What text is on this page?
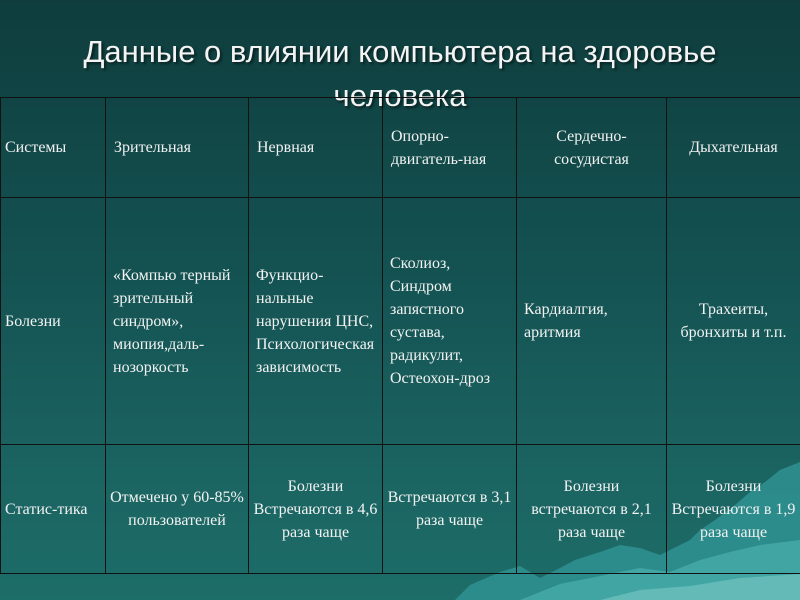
Данные о влиянии компьютера на здоровье человека
Системы	Зрительная	Нервная	Опорно-двигатель-ная	Сердечно-сосудистая	Дыхательная
Болезни	«Компью терный зрительный синдром», миопия,даль-нозоркость	Функцио-нальные нарушения ЦНС, Психологическая зависимость	Сколиоз, Синдром запястного сустава, радикулит, Остеохон-дроз	Кардиалгия, аритмия	Трахеиты, бронхиты и т.п.
Статис-тика	Отмечено у 60-85% пользователей	Болезни Встречаются в 4,6 раза чаще	Встречаются в 3,1 раза чаще	Болезни встречаются в 2,1 раза чаще	Болезни Встречаются в 1,9 раза чаще
